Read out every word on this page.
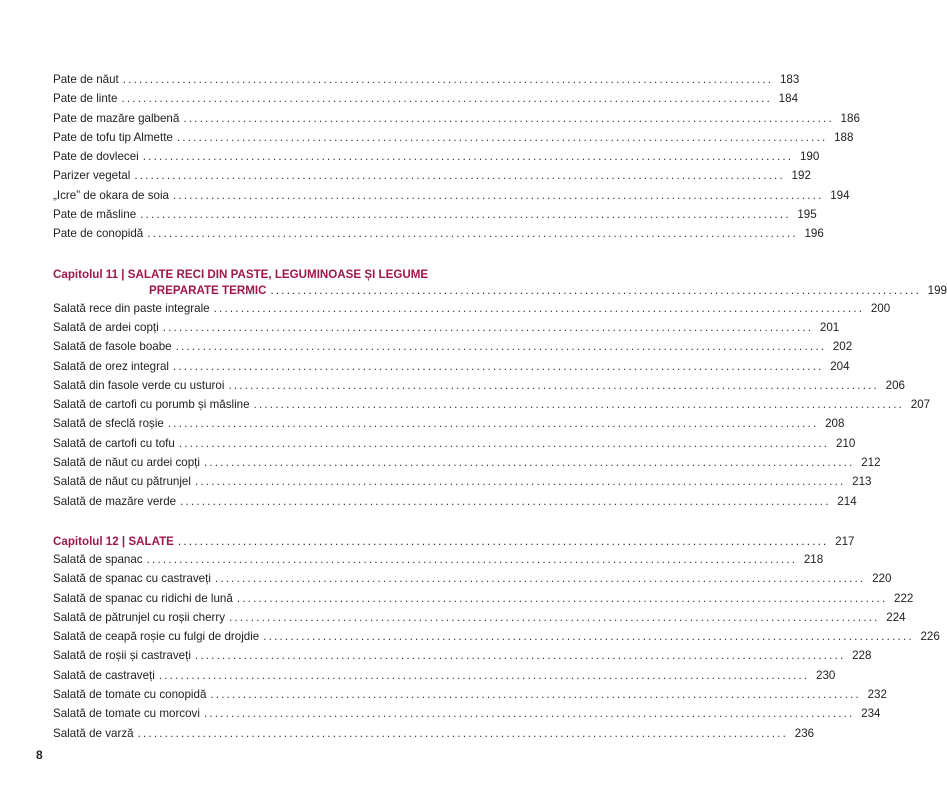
Pate de năut ........................................................................................................................ 183
Pate de linte ........................................................................................................................ 184
Pate de mazăre galbenă ........................................................................................................................ 186
Pate de tofu tip Almette ........................................................................................................................ 188
Pate de dovlecei ........................................................................................................................ 190
Parizer vegetal ........................................................................................................................ 192
„Icre” de okara de soia ........................................................................................................................ 194
Pate de măsline ........................................................................................................................ 195
Pate de conopidă ........................................................................................................................ 196
Capitolul 11 | SALATE RECI DIN PASTE, LEGUMINOASE ȘI LEGUME
PREPARATE TERMIC ........................................................................................................................ 199
Salată rece din paste integrale ........................................................................................................................ 200
Salată de ardei copți ........................................................................................................................ 201
Salată de fasole boabe ........................................................................................................................ 202
Salată de orez integral ........................................................................................................................ 204
Salată din fasole verde cu usturoi ........................................................................................................................ 206
Salată de cartofi cu porumb și măsline ........................................................................................................................ 207
Salată de sfeclă roșie ........................................................................................................................ 208
Salată de cartofi cu tofu ........................................................................................................................ 210
Salată de năut cu ardei copți ........................................................................................................................ 212
Salată de năut cu pătrunjel ........................................................................................................................ 213
Salată de mazăre verde ........................................................................................................................ 214
Capitolul 12 | SALATE ........................................................................................................................ 217
Salată de spanac ........................................................................................................................ 218
Salată de spanac cu castraveți ........................................................................................................................ 220
Salată de spanac cu ridichi de lună ........................................................................................................................ 222
Salată de pătrunjel cu roșii cherry ........................................................................................................................ 224
Salată de ceapă roșie cu fulgi de drojdie ........................................................................................................................ 226
Salată de roșii și castraveți ........................................................................................................................ 228
Salată de castraveți ........................................................................................................................ 230
Salată de tomate cu conopidă ........................................................................................................................ 232
Salată de tomate cu morcovi ........................................................................................................................ 234
Salată de varză ........................................................................................................................ 236
8
